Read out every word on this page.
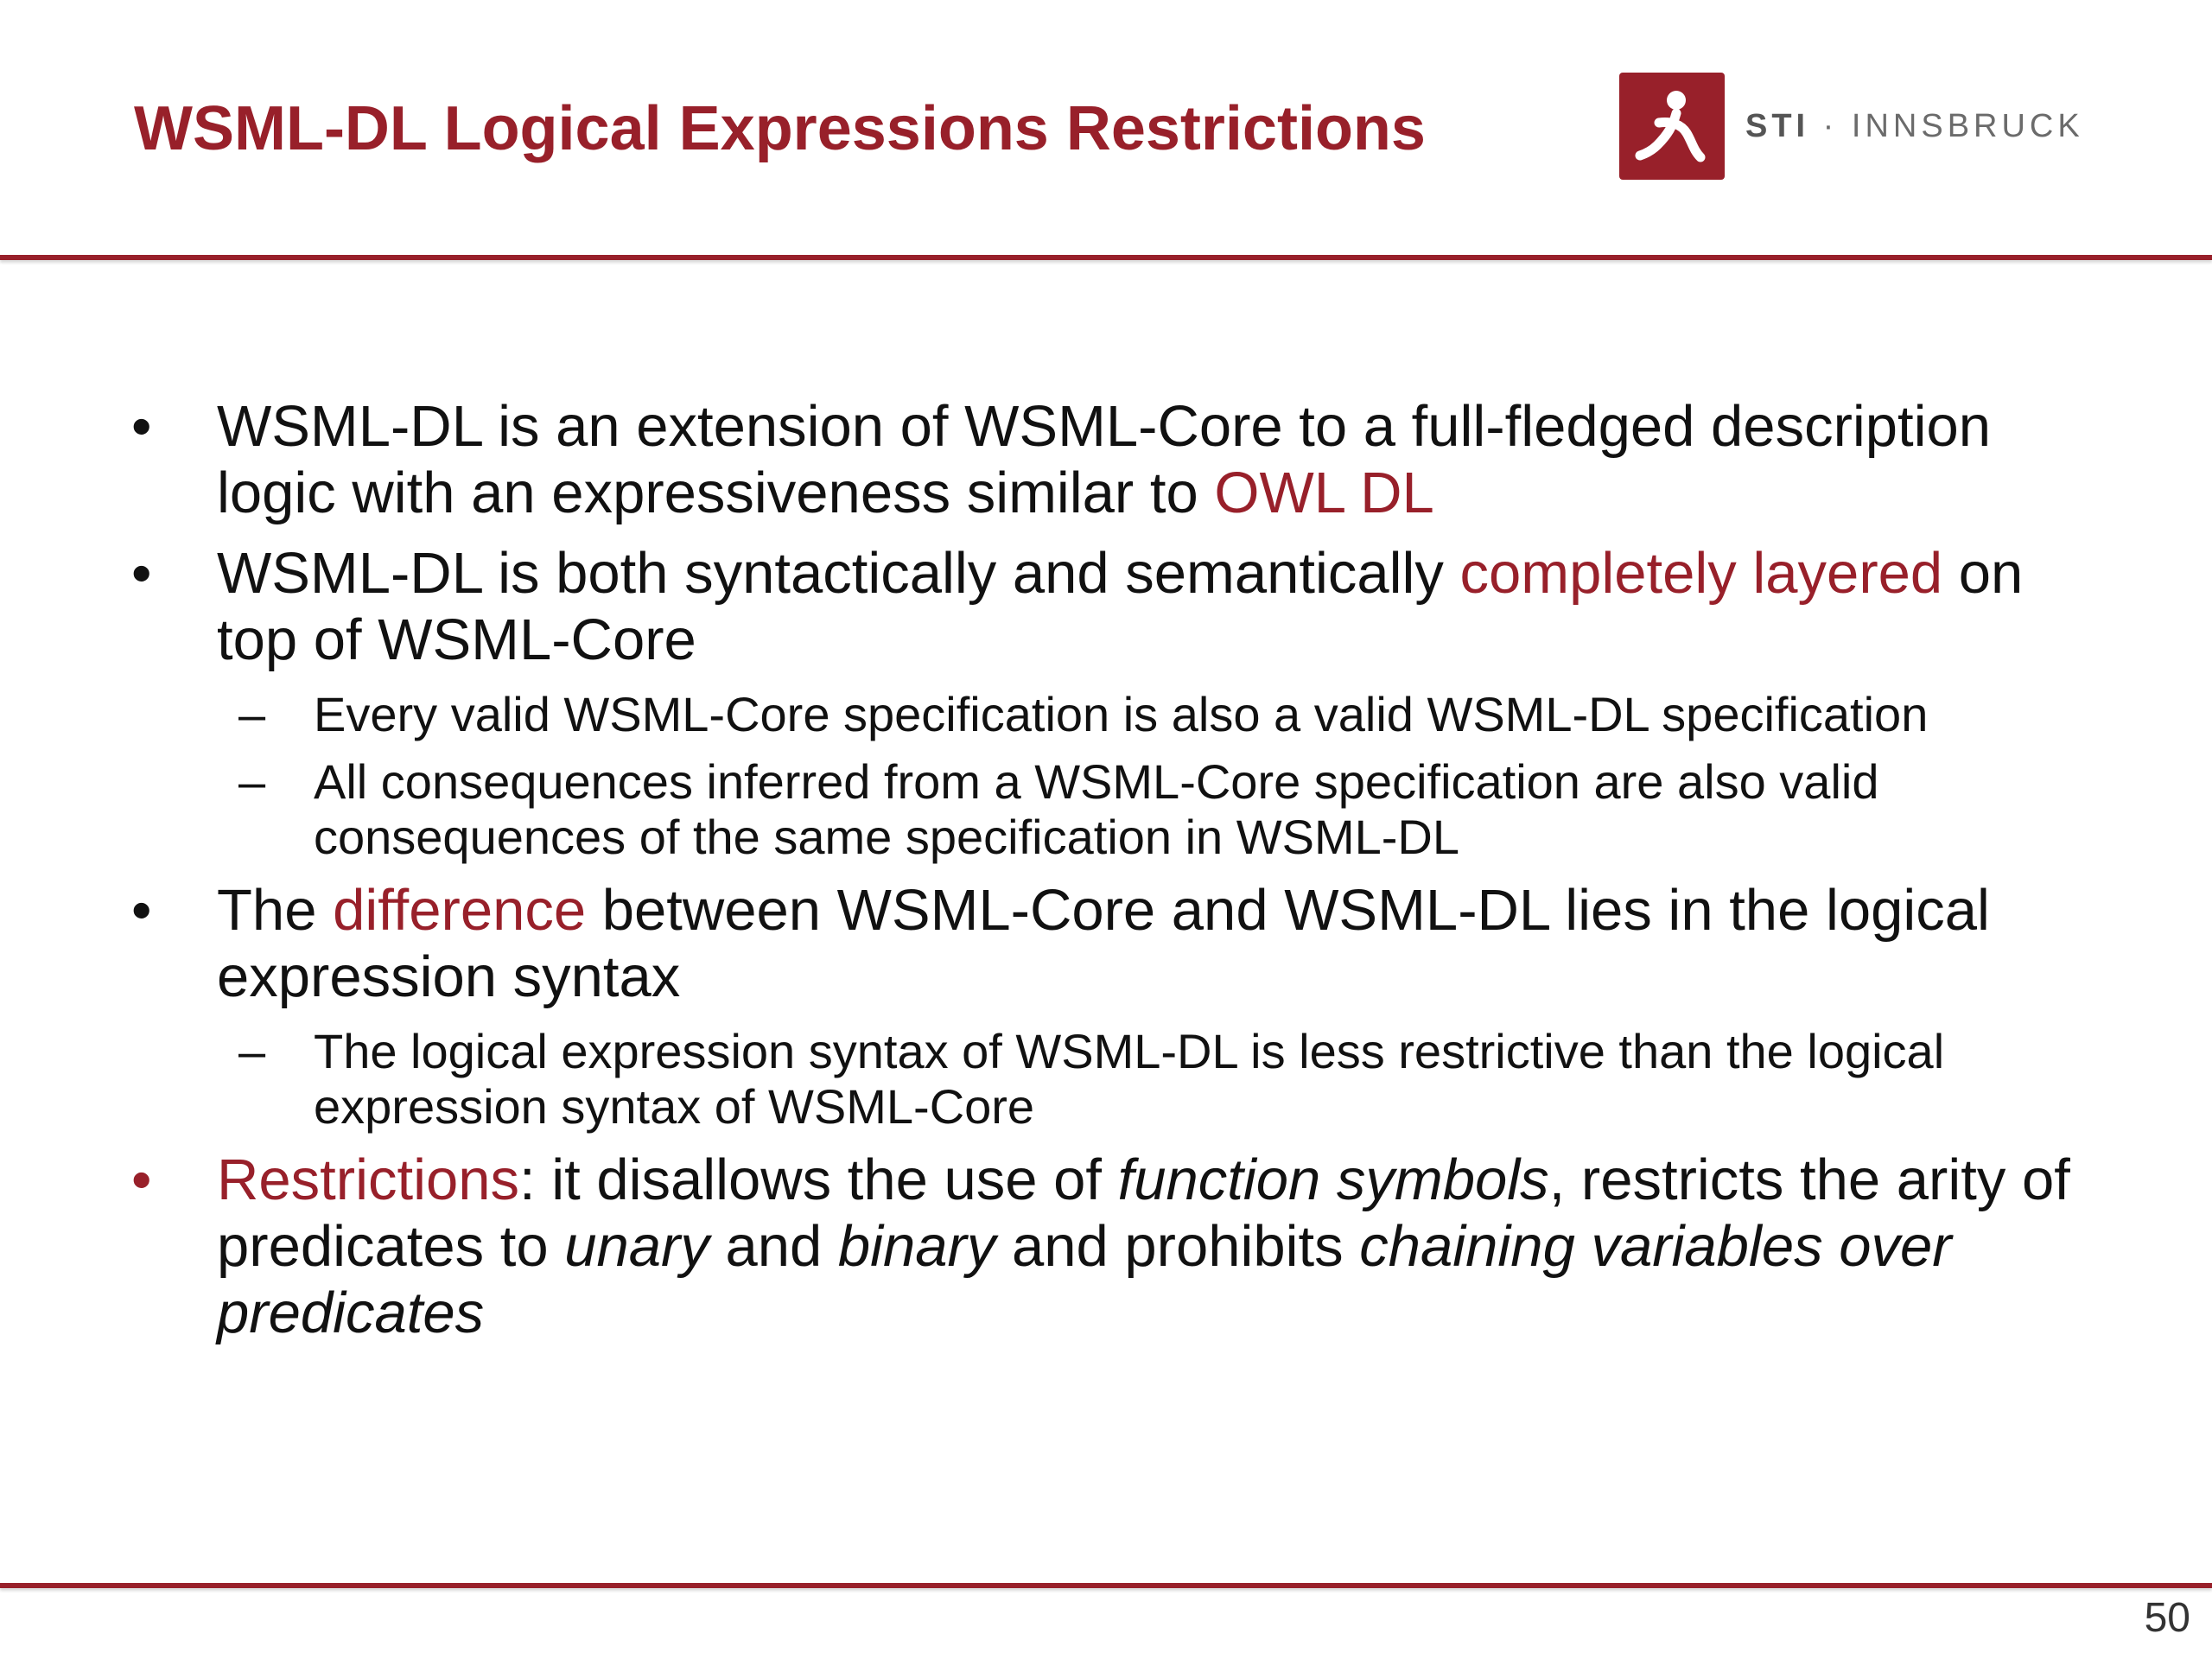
WSML-DL Logical Expressions Restrictions	STI · INNSBRUCK
• WSML-DL is an extension of WSML-Core to a full-fledged description logic with an expressiveness similar to OWL DL
• WSML-DL is both syntactically and semantically completely layered on top of WSML-Core
– Every valid WSML-Core specification is also a valid WSML-DL specification
– All consequences inferred from a WSML-Core specification are also valid consequences of the same specification in WSML-DL
• The difference between WSML-Core and WSML-DL lies in the logical expression syntax
– The logical expression syntax of WSML-DL is less restrictive than the logical expression syntax of WSML-Core
• Restrictions: it disallows the use of function symbols, restricts the arity of predicates to unary and binary and prohibits chaining variables over predicates
50
